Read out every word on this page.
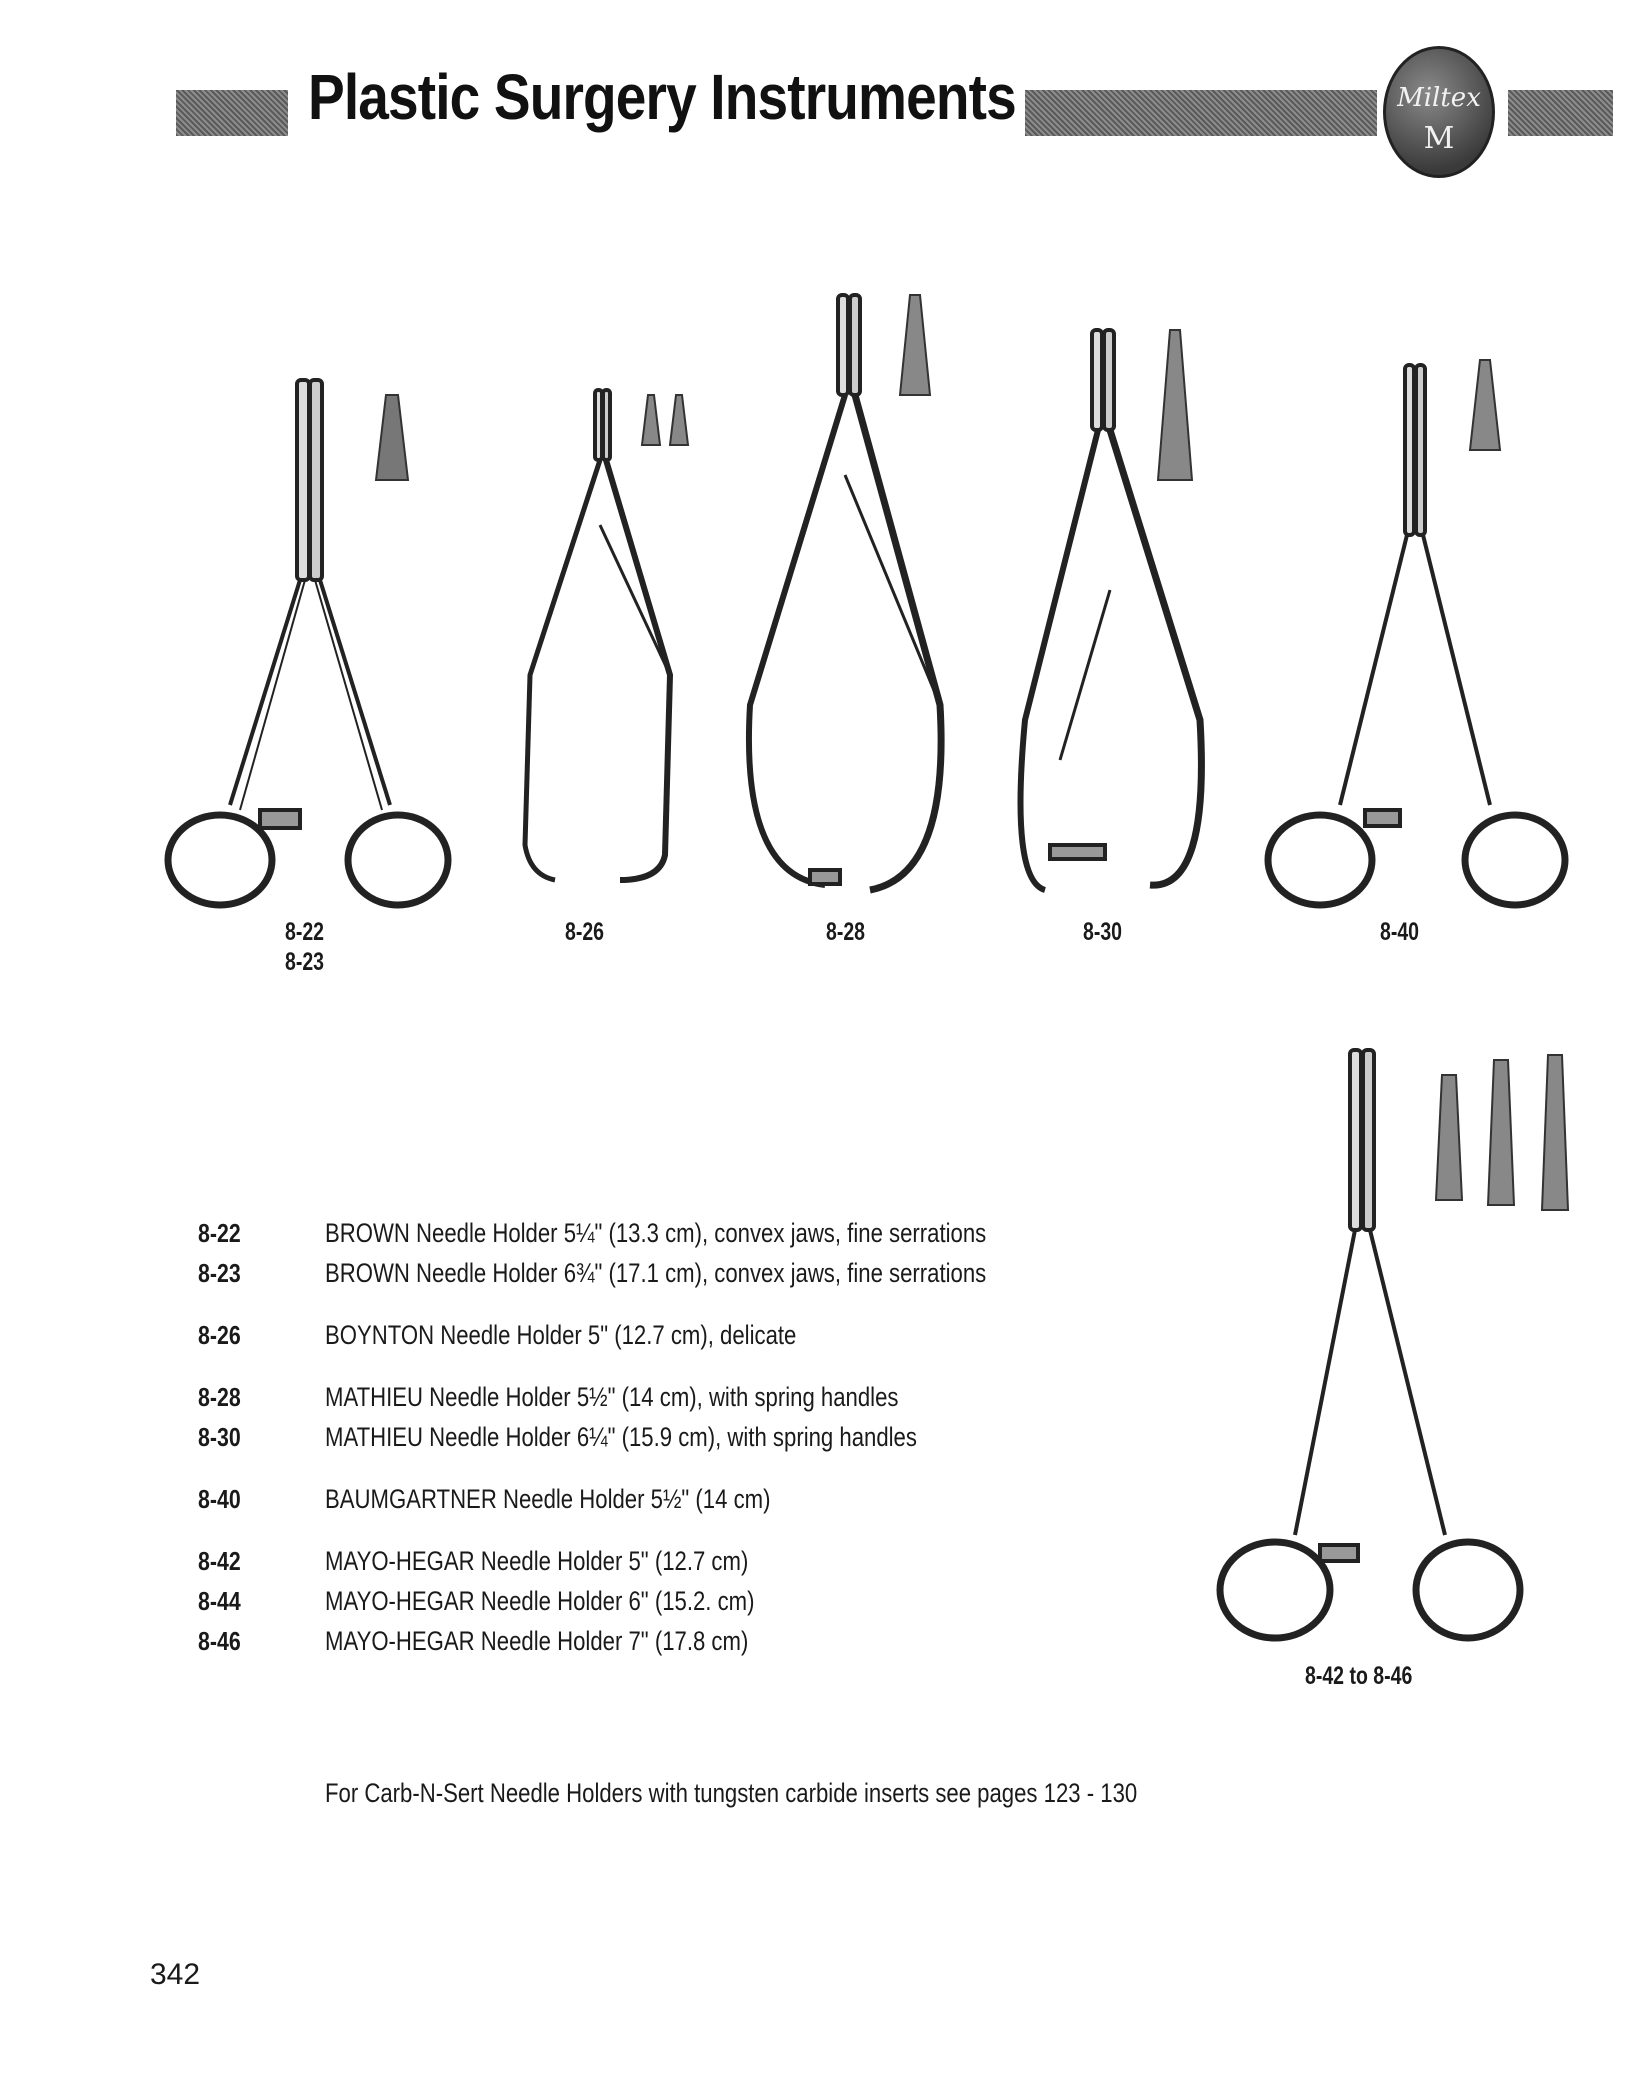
Plastic Surgery Instruments	Miltex
M
8-22
8-23
8-26	8-28	8-30	8-40
8-42 to 8-46
8-22	BROWN Needle Holder 5¼" (13.3 cm), convex jaws, fine serrations
8-23	BROWN Needle Holder 6¾" (17.1 cm), convex jaws, fine serrations
8-26	BOYNTON Needle Holder 5" (12.7 cm), delicate
8-28	MATHIEU Needle Holder 5½" (14 cm), with spring handles
8-30	MATHIEU Needle Holder 6¼" (15.9 cm), with spring handles
8-40	BAUMGARTNER Needle Holder 5½" (14 cm)
8-42	MAYO-HEGAR Needle Holder 5" (12.7 cm)
8-44	MAYO-HEGAR Needle Holder 6" (15.2. cm)
8-46	MAYO-HEGAR Needle Holder 7" (17.8 cm)

For Carb-N-Sert Needle Holders with tungsten carbide inserts see pages 123 - 130

342
